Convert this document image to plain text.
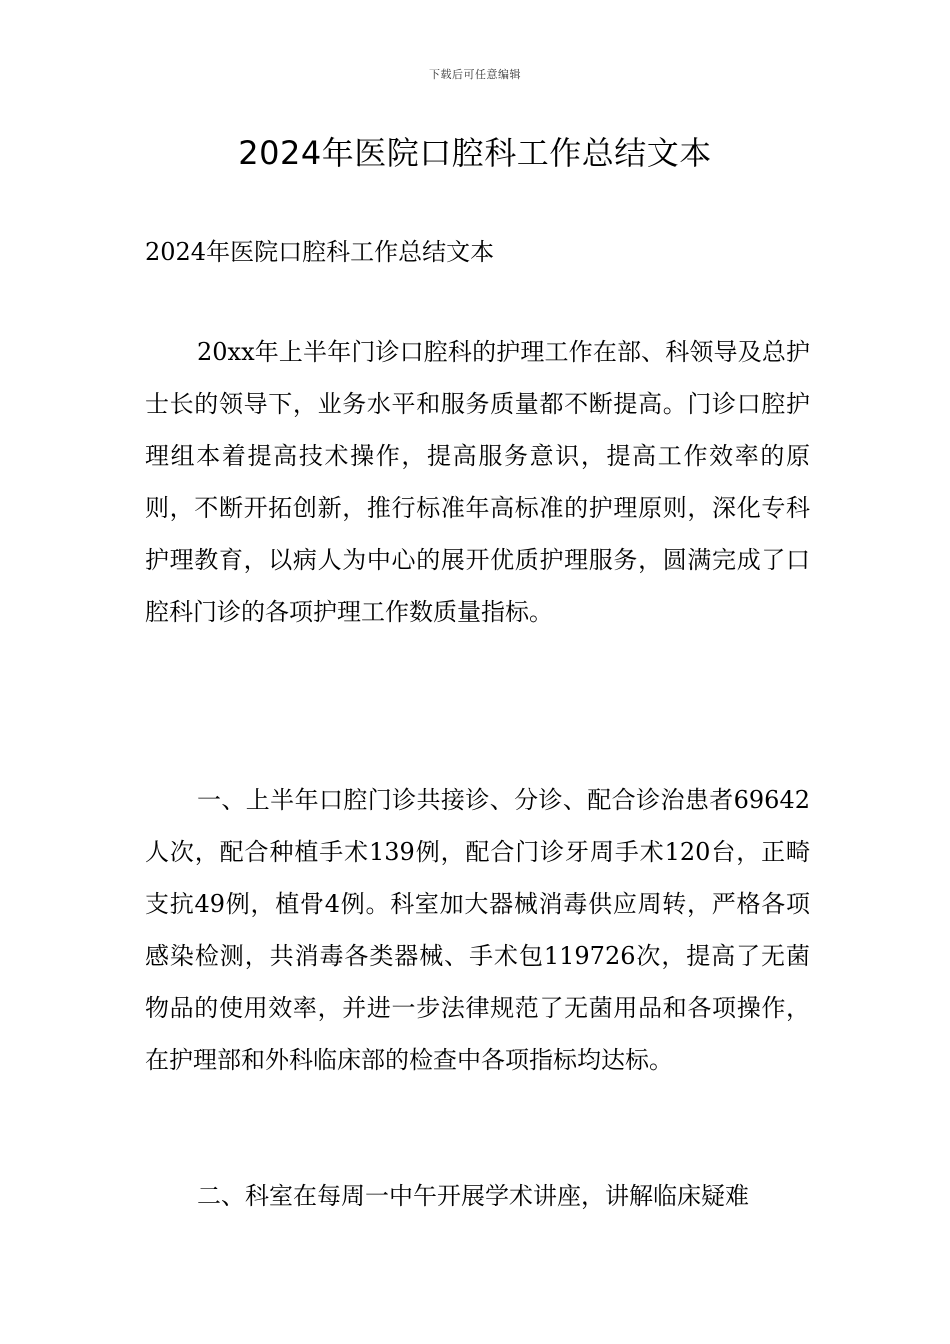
下载后可任意编辑
2024年医院口腔科工作总结文本
2024年医院口腔科工作总结文本

20xx年上半年门诊口腔科的护理工作在部、科领导及总护士长的领导下，业务水平和服务质量都不断提高。门诊口腔护理组本着提高技术操作，提高服务意识，提高工作效率的原则，不断开拓创新，推行标准年高标准的护理原则，深化专科护理教育，以病人为中心的展开优质护理服务，圆满完成了口腔科门诊的各项护理工作数质量指标。

一、上半年口腔门诊共接诊、分诊、配合诊治患者69642人次，配合种植手术139例，配合门诊牙周手术120台，正畸支抗49例，植骨4例。科室加大器械消毒供应周转，严格各项感染检测，共消毒各类器械、手术包119726次，提高了无菌物品的使用效率，并进一步法律规范了无菌用品和各项操作，在护理部和外科临床部的检查中各项指标均达标。

二、科室在每周一中午开展学术讲座，讲解临床疑难
